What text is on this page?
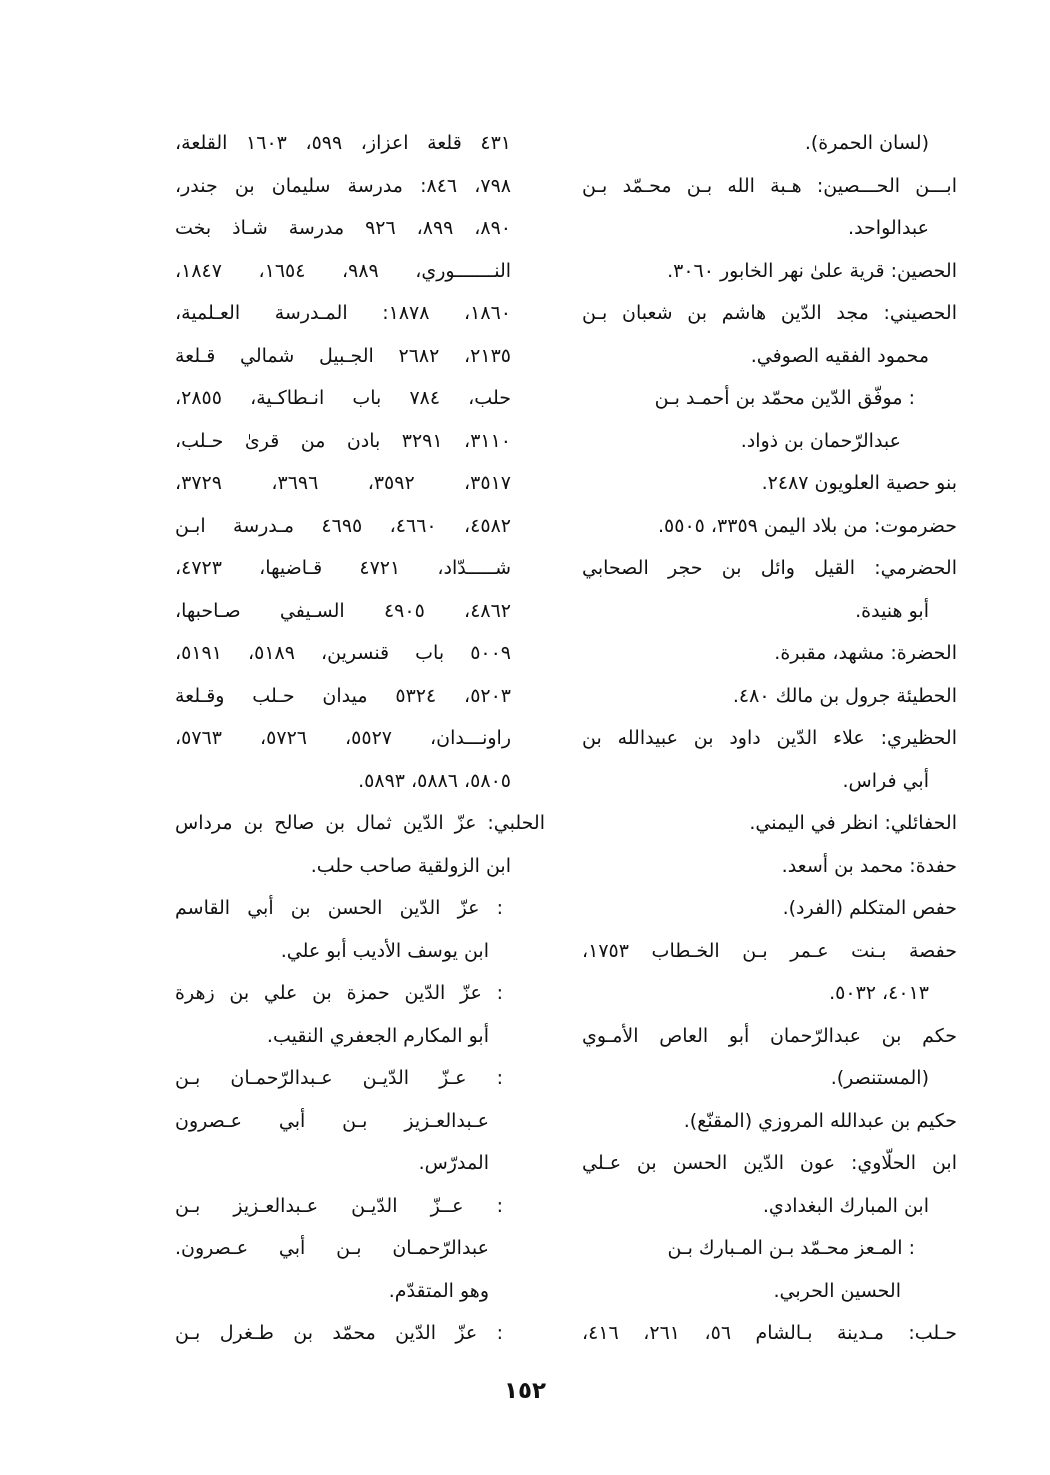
(لسان الحمرة).
ابـــن الحـــصين: هـبة الله بـن محـمّد بـن
عبدالواحد.
الحصين: قرية علىٰ نهر الخابور ٣٠٦٠.
الحصيني: مجد الدّين هاشم بن شعبان بـن
محمود الفقيه الصوفي.
: موفّق الدّين محمّد بن أحمـد بـن
عبدالرّحمان بن ذواد.
بنو حصية العلويون ٢٤٨٧.
حضرموت: من بلاد اليمن ٣٣٥٩، ٥٥٠٥.
الحضرمي: القيل وائل بن حجر الصحابي
أبو هنيدة.
الحضرة: مشهد، مقبرة.
الحطيئة جرول بن مالك ٤٨٠.
الحظيري: علاء الدّين داود بن عبيدالله بن
أبي فراس.
الحفائلي: انظر في اليمني.
حفدة: محمد بن أسعد.
حفص المتكلم (الفرد).
حفصة بـنت عـمر بـن الخـطاب ١٧٥٣،
٤٠١٣، ٥٠٣٢.
حكم بن عبدالرّحمان أبو العاص الأمـوي
(المستنصر).
حكيم بن عبدالله المروزي (المقنّع).
ابن الحلّاوي: عون الدّين الحسن بن عـلي
ابن المبارك البغدادي.
: المـعز محـمّد بـن المـبارك بـن
الحسين الحربي.
حـلب: مـدينة بـالشام ٥٦، ٢٦١، ٤١٦،
٤٣١ قلعة اعزاز، ٥٩٩، ١٦٠٣ القلعة،
٧٩٨، ٨٤٦: مدرسة سليمان بن جندر،
٨٩٠، ٨٩٩، ٩٢٦ مدرسة شـاذ بخت
النـــــــوري، ٩٨٩، ١٦٥٤، ١٨٤٧،
١٨٦٠، ١٨٧٨: المـدرسة العـلمية،
٢١٣٥، ٢٦٨٢ الجـبيل شمالي قـلعة
حلب، ٧٨٤ باب انـطاكـية، ٢٨٥٥،
٣١١٠، ٣٢٩١ بادن من قرىٰ حـلب،
٣٥١٧، ٣٥٩٢، ٣٦٩٦، ٣٧٢٩،
٤٥٨٢، ٤٦٦٠، ٤٦٩٥ مـدرسة ابـن
شـــــدّاد، ٤٧٢١ قـاضيها، ٤٧٢٣،
٤٨٦٢، ٤٩٠٥ السـيفي صـاحبها،
٥٠٠٩ باب قنسرين، ٥١٨٩، ٥١٩١،
٥٢٠٣، ٥٣٢٤ ميدان حـلب وقـلعة
راونـــدان، ٥٥٢٧، ٥٧٢٦، ٥٧٦٣،
٥٨٠٥، ٥٨٨٦، ٥٨٩٣.
الحلبي: عزّ الدّين ثمال بن صالح بن مرداس
ابن الزولقية صاحب حلب.
: عزّ الدّين الحسن بن أبي القاسم
ابن يوسف الأديب أبو علي.
: عزّ الدّين حمزة بن علي بن زهرة
أبو المكارم الجعفري النقيب.
: عـزّ الدّيـن عـبدالرّحمـان بـن
عـبدالعـزيز بـن أبي عـصرون
المدرّس.
: عــزّ الدّيـن عـبدالعـزيز بـن
عبدالرّحمـان بـن أبي عـصرون.
وهو المتقدّم.
: عزّ الدّين محمّد بن طـغرل بـن
١٥٢
